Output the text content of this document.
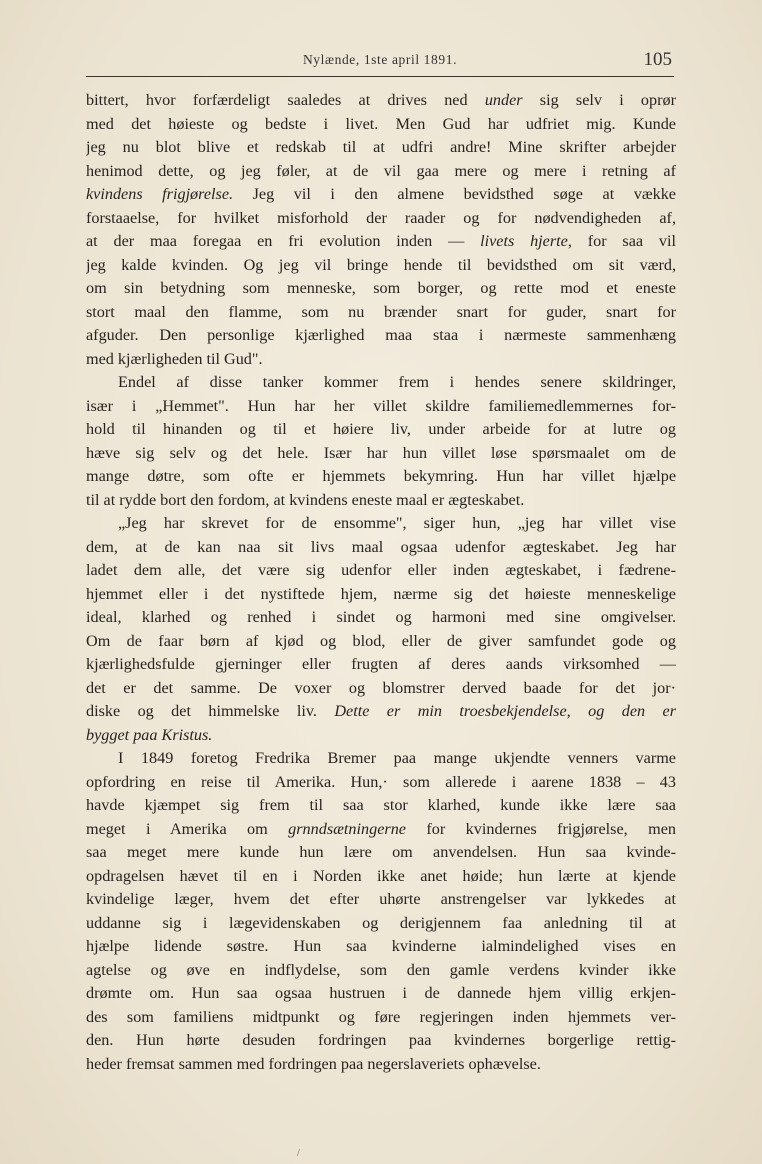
Nylænde, 1ste april 1891.	105
bittert, hvor forfærdeligt saaledes at drives ned under sig selv i oprør
med det høieste og bedste i livet. Men Gud har udfriet mig. Kunde
jeg nu blot blive et redskab til at udfri andre! Mine skrifter arbejder
henimod dette, og jeg føler, at de vil gaa mere og mere i retning af
kvindens frigjørelse. Jeg vil i den almene bevidsthed søge at vække
forstaaelse, for hvilket misforhold der raader og for nødvendigheden af,
at der maa foregaa en fri evolution inden — livets hjerte, for saa vil
jeg kalde kvinden. Og jeg vil bringe hende til bevidsthed om sit værd,
om sin betydning som menneske, som borger, og rette mod et eneste
stort maal den flamme, som nu brænder snart for guder, snart for
afguder. Den personlige kjærlighed maa staa i nærmeste sammenhæng
med kjærligheden til Gud".
Endel af disse tanker kommer frem i hendes senere skildringer,
især i „Hemmet". Hun har her villet skildre familiemedlemmernes for-
hold til hinanden og til et høiere liv, under arbeide for at lutre og
hæve sig selv og det hele. Især har hun villet løse spørsmaalet om de
mange døtre, som ofte er hjemmets bekymring. Hun har villet hjælpe
til at rydde bort den fordom, at kvindens eneste maal er ægteskabet.
„Jeg har skrevet for de ensomme", siger hun, „jeg har villet vise
dem, at de kan naa sit livs maal ogsaa udenfor ægteskabet. Jeg har
ladet dem alle, det være sig udenfor eller inden ægteskabet, i fædrene-
hjemmet eller i det nystiftede hjem, nærme sig det høieste menneskelige
ideal, klarhed og renhed i sindet og harmoni med sine omgivelser.
Om de faar børn af kjød og blod, eller de giver samfundet gode og
kjærlighedsfulde gjerninger eller frugten af deres aands virksomhed —
det er det samme. De voxer og blomstrer derved baade for det jor·
diske og det himmelske liv. Dette er min troesbekjendelse, og den er
bygget paa Kristus.
I 1849 foretog Fredrika Bremer paa mange ukjendte venners varme
opfordring en reise til Amerika. Hun,· som allerede i aarene 1838 – 43
havde kjæmpet sig frem til saa stor klarhed, kunde ikke lære saa
meget i Amerika om grnndsætningerne for kvindernes frigjørelse, men
saa meget mere kunde hun lære om anvendelsen. Hun saa kvinde-
opdragelsen hævet til en i Norden ikke anet høide; hun lærte at kjende
kvindelige læger, hvem det efter uhørte anstrengelser var lykkedes at
uddanne sig i lægevidenskaben og derigjennem faa anledning til at
hjælpe lidende søstre. Hun saa kvinderne ialmindelighed vises en
agtelse og øve en indflydelse, som den gamle verdens kvinder ikke
drømte om. Hun saa ogsaa hustruen i de dannede hjem villig erkjen-
des som familiens midtpunkt og føre regjeringen inden hjemmets ver-
den. Hun hørte desuden fordringen paa kvindernes borgerlige rettig-
heder fremsat sammen med fordringen paa negerslaveriets ophævelse.
/
